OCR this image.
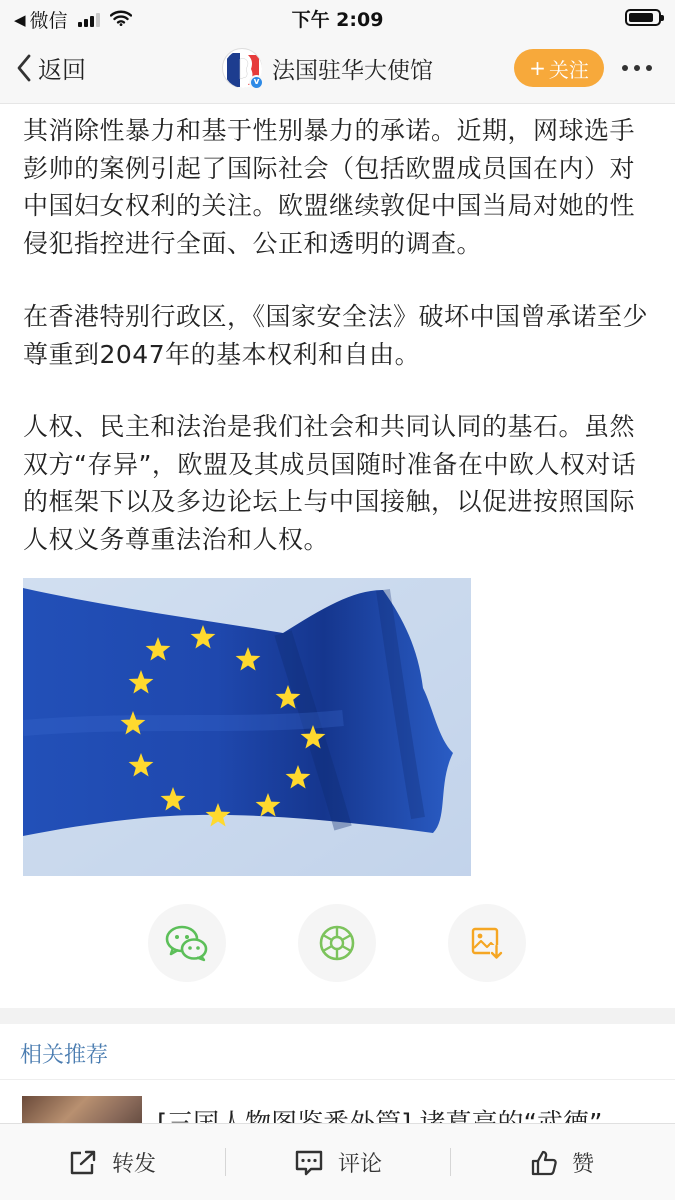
◀ 微信	下午 2:09
返回	v 法国驻华大使馆	+ 关注

其消除性暴力和基于性别暴力的承诺。近期，网球选手彭帅的案例引起了国际社会（包括欧盟成员国在内）对中国妇女权利的关注。欧盟继续敦促中国当局对她的性侵犯指控进行全面、公正和透明的调查。

在香港特别行政区，《国家安全法》破坏中国曾承诺至少尊重到2047年的基本权利和自由。

人权、民主和法治是我们社会和共同认同的基石。虽然双方“存异”，欧盟及其成员国随时准备在中欧人权对话的框架下以及多边论坛上与中国接触，以促进按照国际人权义务尊重法治和人权。

相关推荐
转发	评论	赞
